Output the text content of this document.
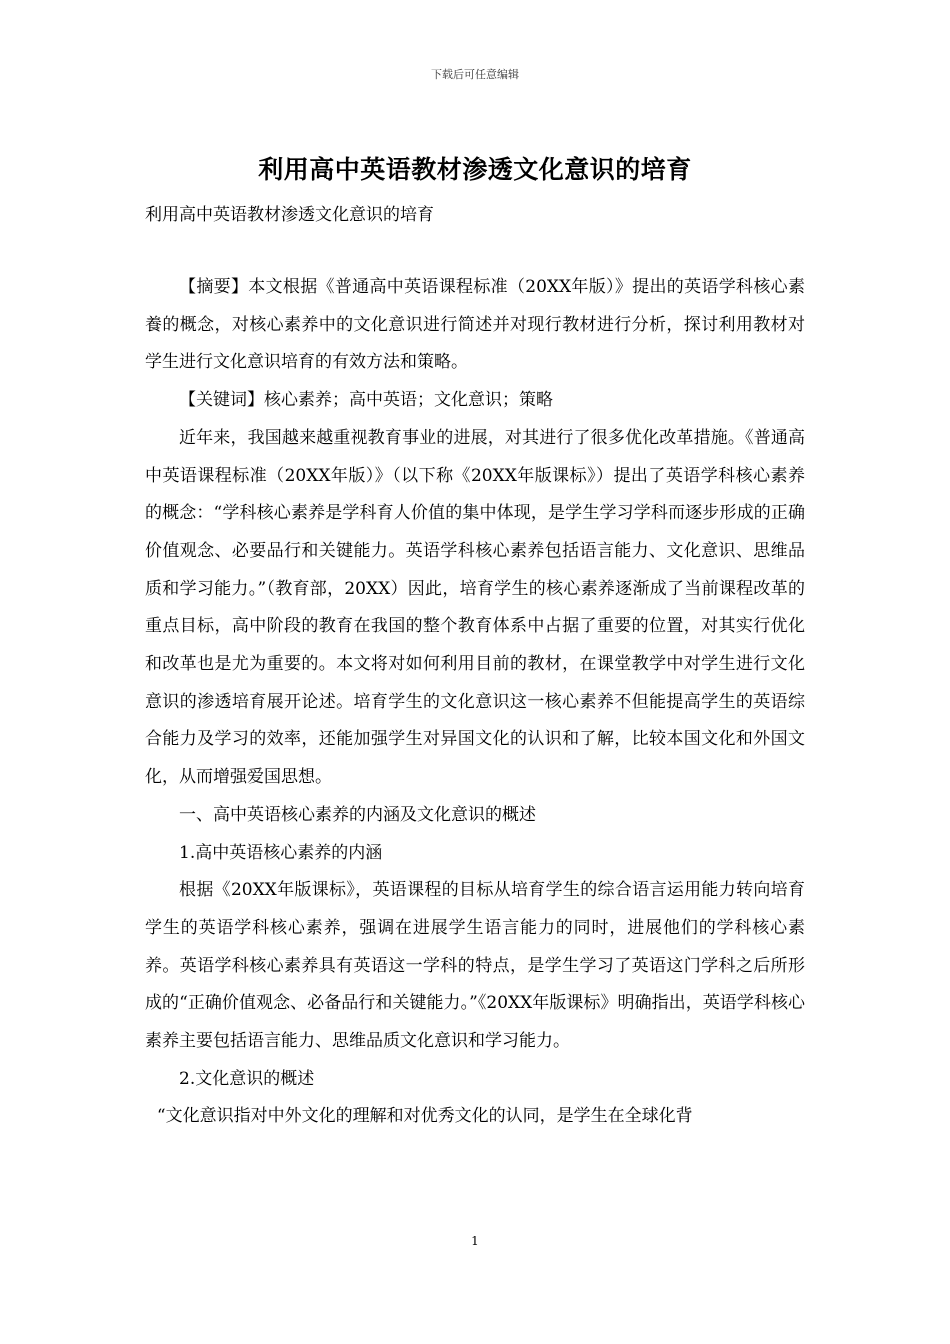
下载后可任意编辑
利用高中英语教材渗透文化意识的培育
利用高中英语教材渗透文化意识的培育

【摘要】本文根据《普通高中英语课程标准（20XX年版）》提出的英语学科核心素養的概念，对核心素养中的文化意识进行简述并对现行教材进行分析，探讨利用教材对学生进行文化意识培育的有效方法和策略。

【关键词】核心素养；高中英语；文化意识；策略

近年来，我国越来越重视教育事业的进展，对其进行了很多优化改革措施。《普通高中英语课程标准（20XX年版）》（以下称《20XX年版课标》）提出了英语学科核心素养的概念：“学科核心素养是学科育人价值的集中体现，是学生学习学科而逐步形成的正确价值观念、必要品行和关键能力。英语学科核心素养包括语言能力、文化意识、思维品质和学习能力。”（教育部，20XX）因此，培育学生的核心素养逐渐成了当前课程改革的重点目标，高中阶段的教育在我国的整个教育体系中占据了重要的位置，对其实行优化和改革也是尤为重要的。本文将对如何利用目前的教材，在课堂教学中对学生进行文化意识的渗透培育展开论述。培育学生的文化意识这一核心素养不但能提高学生的英语综合能力及学习的效率，还能加强学生对异国文化的认识和了解，比较本国文化和外国文化，从而增强爱国思想。

一、高中英语核心素养的内涵及文化意识的概述

1.高中英语核心素养的内涵

根据《20XX年版课标》，英语课程的目标从培育学生的综合语言运用能力转向培育学生的英语学科核心素养，强调在进展学生语言能力的同时，进展他们的学科核心素养。英语学科核心素养具有英语这一学科的特点，是学生学习了英语这门学科之后所形成的“正确价值观念、必备品行和关键能力。”《20XX年版课标》明确指出，英语学科核心素养主要包括语言能力、思维品质文化意识和学习能力。

2.文化意识的概述

“文化意识指对中外文化的理解和对优秀文化的认同，是学生在全球化背

1
